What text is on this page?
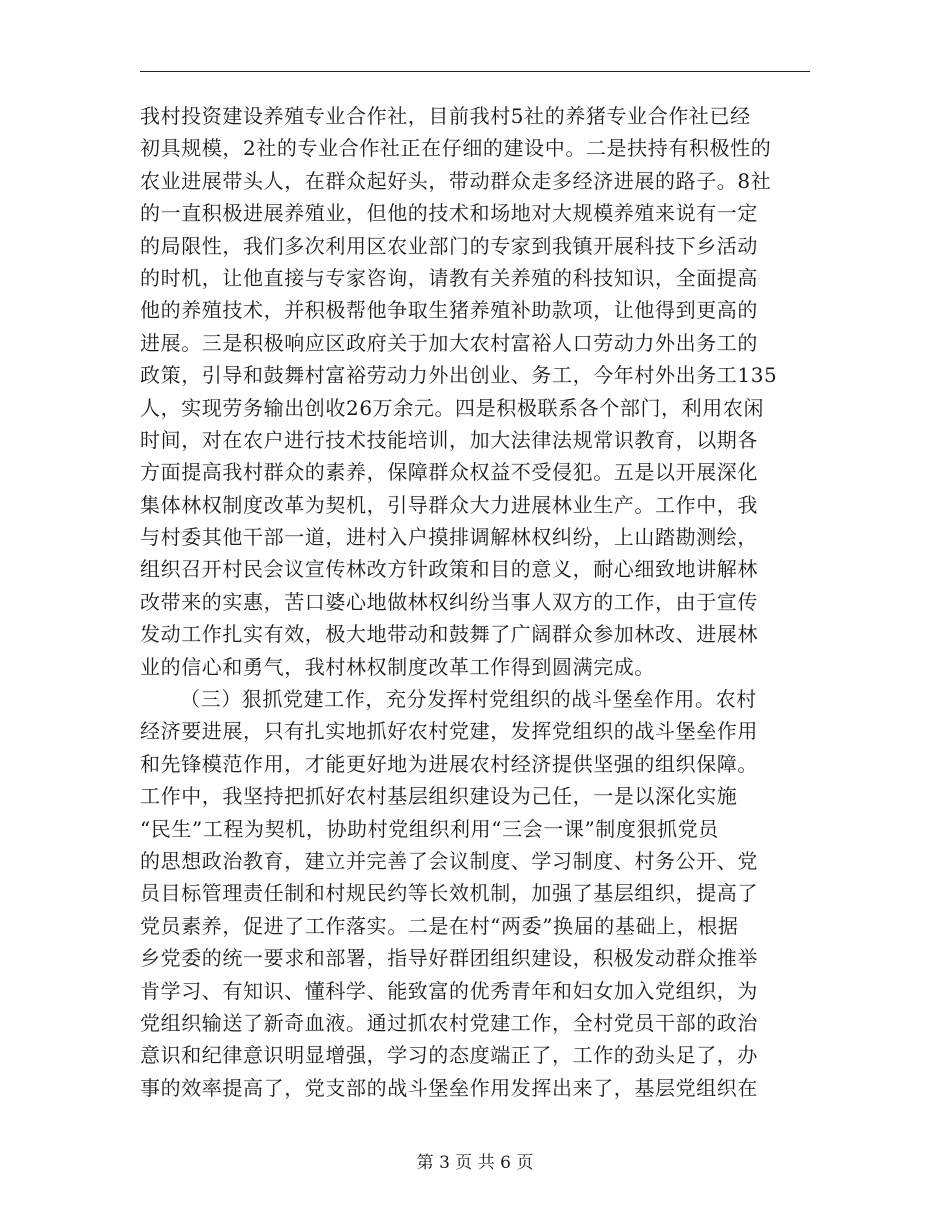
我村投资建设养殖专业合作社，目前我村5社的养猪专业合作社已经
初具规模，2社的专业合作社正在仔细的建设中。二是扶持有积极性的
农业进展带头人，在群众起好头，带动群众走多经济进展的路子。8社
的一直积极进展养殖业，但他的技术和场地对大规模养殖来说有一定
的局限性，我们多次利用区农业部门的专家到我镇开展科技下乡活动
的时机，让他直接与专家咨询，请教有关养殖的科技知识，全面提高
他的养殖技术，并积极帮他争取生猪养殖补助款项，让他得到更高的
进展。三是积极响应区政府关于加大农村富裕人口劳动力外出务工的
政策，引导和鼓舞村富裕劳动力外出创业、务工，今年村外出务工135
人，实现劳务输出创收26万余元。四是积极联系各个部门，利用农闲
时间，对在农户进行技术技能培训，加大法律法规常识教育，以期各
方面提高我村群众的素养，保障群众权益不受侵犯。五是以开展深化
集体林权制度改革为契机，引导群众大力进展林业生产。工作中，我
与村委其他干部一道，进村入户摸排调解林权纠纷，上山踏勘测绘，
组织召开村民会议宣传林改方针政策和目的意义，耐心细致地讲解林
改带来的实惠，苦口婆心地做林权纠纷当事人双方的工作，由于宣传
发动工作扎实有效，极大地带动和鼓舞了广阔群众参加林改、进展林
业的信心和勇气，我村林权制度改革工作得到圆满完成。
（三）狠抓党建工作，充分发挥村党组织的战斗堡垒作用。农村
经济要进展，只有扎实地抓好农村党建，发挥党组织的战斗堡垒作用
和先锋模范作用，才能更好地为进展农村经济提供坚强的组织保障。
工作中，我坚持把抓好农村基层组织建设为己任，一是以深化实施
“民生”工程为契机，协助村党组织利用“三会一课”制度狠抓党员
的思想政治教育，建立并完善了会议制度、学习制度、村务公开、党
员目标管理责任制和村规民约等长效机制，加强了基层组织，提高了
党员素养，促进了工作落实。二是在村“两委”换届的基础上，根据
乡党委的统一要求和部署，指导好群团组织建设，积极发动群众推举
肯学习、有知识、懂科学、能致富的优秀青年和妇女加入党组织，为
党组织输送了新奇血液。通过抓农村党建工作，全村党员干部的政治
意识和纪律意识明显增强，学习的态度端正了，工作的劲头足了，办
事的效率提高了，党支部的战斗堡垒作用发挥出来了，基层党组织在
第 3 页 共 6 页
